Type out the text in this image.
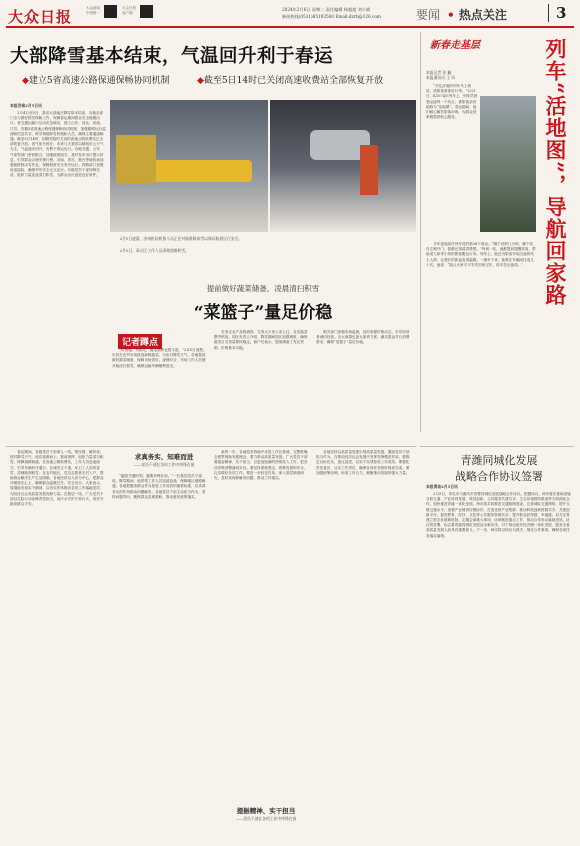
大众日报	大众新闻
中国第一
大众日报
客户端
2024年2月6日 星期二 责任编辑 杨超超 刘小敏
新闻热线(0531)85193500 Email:dzrb@126.com	要闻 • 热点关注	3
大部降雪基本结束，气温回升利于春运
◆建立5省高速公路保通保畅协同机制	◆截至5日14时已关闭高速收费站全部恢复开放
本报济南2月5日讯
　　2月4日至5日，我省大部地区降雪基本结束，各地各部门全力做好除雪保畅工作，保障春运期间群众安全便捷出行。省交通运输厅启动应急响应，建立山东、河北、河南、江苏、安徽5省高速公路保通保畅协同机制，加强路网运行监测和信息共享，科学调度除雪机械和人员，确保主要通道畅通。截至5日14时，因降雪临时关闭的高速公路收费站已全部恢复开放。省气象台预计，未来几天我省以晴到多云天气为主，气温逐步回升，有利于春运出行。各地交通、公安、气象等部门密切配合，加强值班值守，及时发布出行提示信息，引导群众合理安排行程。济南、青岛、烟台等地机场加强航班除冰雪作业，保障航班安全有序运行。铁路部门加强设备巡检，确保列车安全正点运行。各级党员干部冲锋在前，组织力量连夜清扫积雪，为群众出行创造良好条件。
　　2月5日凌晨，济南机场机务人员正在对航班除冰雪以保证航班运行安全。
　　2月5日，章丘区工作人员清理道路积雪。
提前做好蔬菜储备，凌晨清扫积雪
“菜篮子”量足价稳
记者蹲点
　　“价格稳，货源足，蔬菜品种也很丰富。”2月5日清晨，市民在农贸市场挑选新鲜蔬菜。为应对降雪天气，各地提前做好蔬菜储备，保障市场供应。凌晨时分，市场工作人员便开始清扫积雪，确保运输车辆顺利进出。
　　在寿光农产品物流园，交易大厅里人来人往，各类蔬菜整齐码放。园区负责人介绍，降雪期间园区加强调度，确保蔬菜日交易量保持稳定。商户们表示，提前储备了充足货源，价格基本平稳。
　　相关部门加强市场监测，及时掌握价格动态，引导经营者诚信经营。各大商超也加大备货力度，满足群众节日消费需求，确保“菜篮子”量足价稳。
新春走基层	列车“活地图”，导航回家路
本报记者 张 巍
本报通讯员 王 珂
　　“开往济南的列车马上到站，请旅客准备好行李。”2月5日，K1074次列车上，列车员熟悉沿途每一个站点，被旅客亲切地称为“活地图”。春运期间，他们耐心解答旅客问询，为群众回家路提供贴心服务。
　　今年是他担任列车员的第26个春运。“哪个站停几分钟，哪个站在左侧开门，我都记得清清楚楚。”每到一站，他都提前提醒旅客，帮助老人和带小孩的旅客搬运行李。列车上，他还为旅客介绍沿途的风土人情，让漫长的旅途变得温暖。一趟车下来，他要在车厢间往返几十次。他说：“能让大家平平安安回家过年，再辛苦也值得。”
青潍同城化发展
战略合作协议签署
本报青岛2月5日讯
　　2月5日，青岛市与潍坊市签署同城化发展战略合作协议。根据协议，两市将在基础设施互联互通、产业协同发展、科技创新、公共服务共建共享、生态环境联防联治等方面深化合作，加快推进青潍一体化发展。两市将共同推进交通路网建设，完善城际交通网络，提升互联互通水平；加强产业链供应链协作，打造优势产业集群；推动科技创新资源共享，共建创新平台；促进教育、医疗、文化等公共服务资源共享，提升群众获得感、幸福感。双方还将建立常态化联系机制，定期会商重大事项，协调推进重点工作，推动合作协议落地见效。协议的签署，标志着青潍同城化发展迈出新步伐，对于推动胶东经济圈一体化发展、服务全省高质量发展大局具有重要意义。下一步，两市将以项目为抓手，细化合作事项，确保各项任务落实落细。
求真务实、知难而进
——党员干部在各项工作中冲锋在前
　　春运期间，各级党员干部深入一线，察民情、解民忧。面对降雪天气，他们迎难而上，靠前指挥，组织力量清扫积雪，保障道路畅通。在高速公路收费站，工作人员连夜值守，引导车辆有序通行；在城市主干道，环卫工人顶风冒雪，清理路面积雪；在农村地区，党员志愿者走村入户，帮助群众解决生产生活困难。各地坚持以人民为中心，把群众冷暖放在心上，确保群众温暖过冬、安全出行。大家表示，将继续发扬实干精神，以务实作风推动各项工作落地见效，为经济社会高质量发展贡献力量。在基层一线，广大党员干部以实际行动诠释责任担当，用汗水守护万家灯火，用坚守换来群众平安。
　　“越是关键时刻，越要冲锋在前。”一位基层党员干部说。降雪期间，他带领工作人员连续奋战，保障辖区道路畅通。各地把服务群众作为检验工作成效的重要标准，以求真务实的作风推动问题解决。各地党员干部主动担当作为，坚持问题导向，聚焦群众急难愁盼，推动惠民政策落实。
　　新的一年，各地将坚持稳中求进工作总基调，完整准确全面贯彻新发展理念，着力推动高质量发展。广大党员干部要振奋精神、实干担当，以更加饱满的热情投入工作，把各项决策部署落到实处。要坚持系统观念，统筹发展和安全，扎实做好各项工作。要进一步转变作风，深入基层调查研究，及时发现和解决问题，推动工作落实。
提振精神、实干担当
——党员干部在各项工作中冲锋在前
　　各地坚持以高质量党建引领高质量发展，激励党员干部担当作为，在推动经济社会发展中发挥先锋模范作用。要锚定目标任务，加压奋进，以实干实绩检验工作成效。要强化责任意识，压实工作责任，确保各项任务按时保质完成。要加强统筹协调，形成工作合力，凝聚推动发展的强大力量。
